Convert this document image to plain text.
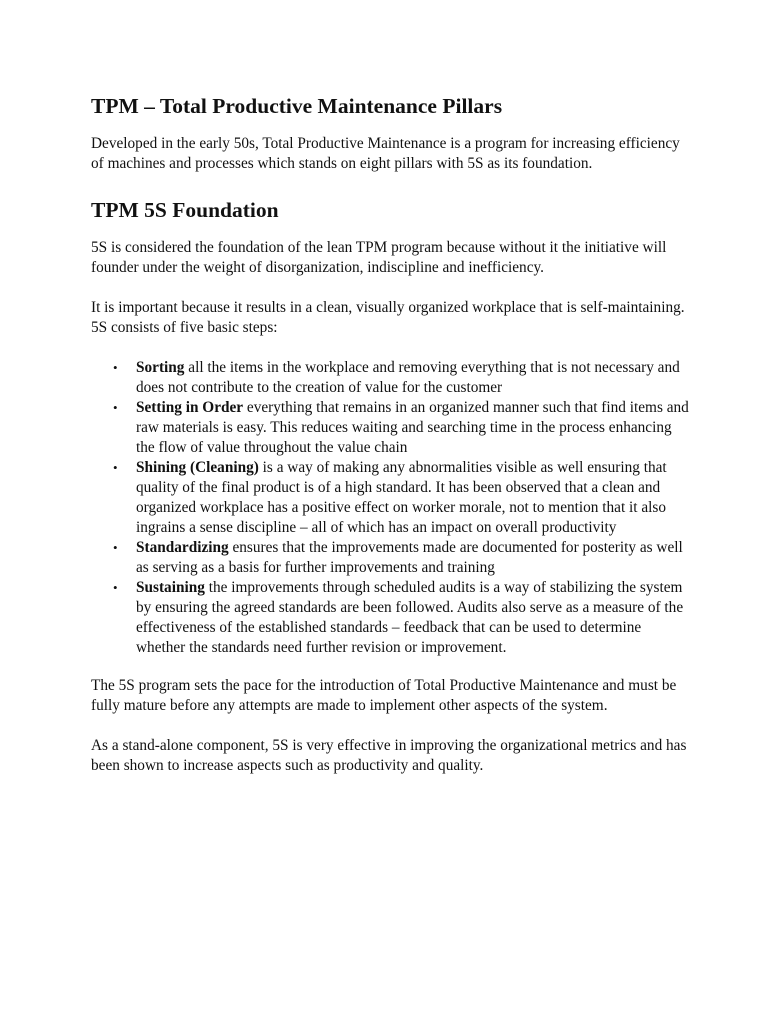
TPM – Total Productive Maintenance Pillars

Developed in the early 50s, Total Productive Maintenance is a program for increasing efficiency of machines and processes which stands on eight pillars with 5S as its foundation.

TPM 5S Foundation

5S is considered the foundation of the lean TPM program because without it the initiative will founder under the weight of disorganization, indiscipline and inefficiency.

It is important because it results in a clean, visually organized workplace that is self-maintaining. 5S consists of five basic steps:

• Sorting all the items in the workplace and removing everything that is not necessary and does not contribute to the creation of value for the customer
• Setting in Order everything that remains in an organized manner such that find items and raw materials is easy. This reduces waiting and searching time in the process enhancing the flow of value throughout the value chain
• Shining (Cleaning) is a way of making any abnormalities visible as well ensuring that quality of the final product is of a high standard. It has been observed that a clean and organized workplace has a positive effect on worker morale, not to mention that it also ingrains a sense discipline – all of which has an impact on overall productivity
• Standardizing ensures that the improvements made are documented for posterity as well as serving as a basis for further improvements and training
• Sustaining the improvements through scheduled audits is a way of stabilizing the system by ensuring the agreed standards are been followed. Audits also serve as a measure of the effectiveness of the established standards – feedback that can be used to determine whether the standards need further revision or improvement.

The 5S program sets the pace for the introduction of Total Productive Maintenance and must be fully mature before any attempts are made to implement other aspects of the system.

As a stand-alone component, 5S is very effective in improving the organizational metrics and has been shown to increase aspects such as productivity and quality.
